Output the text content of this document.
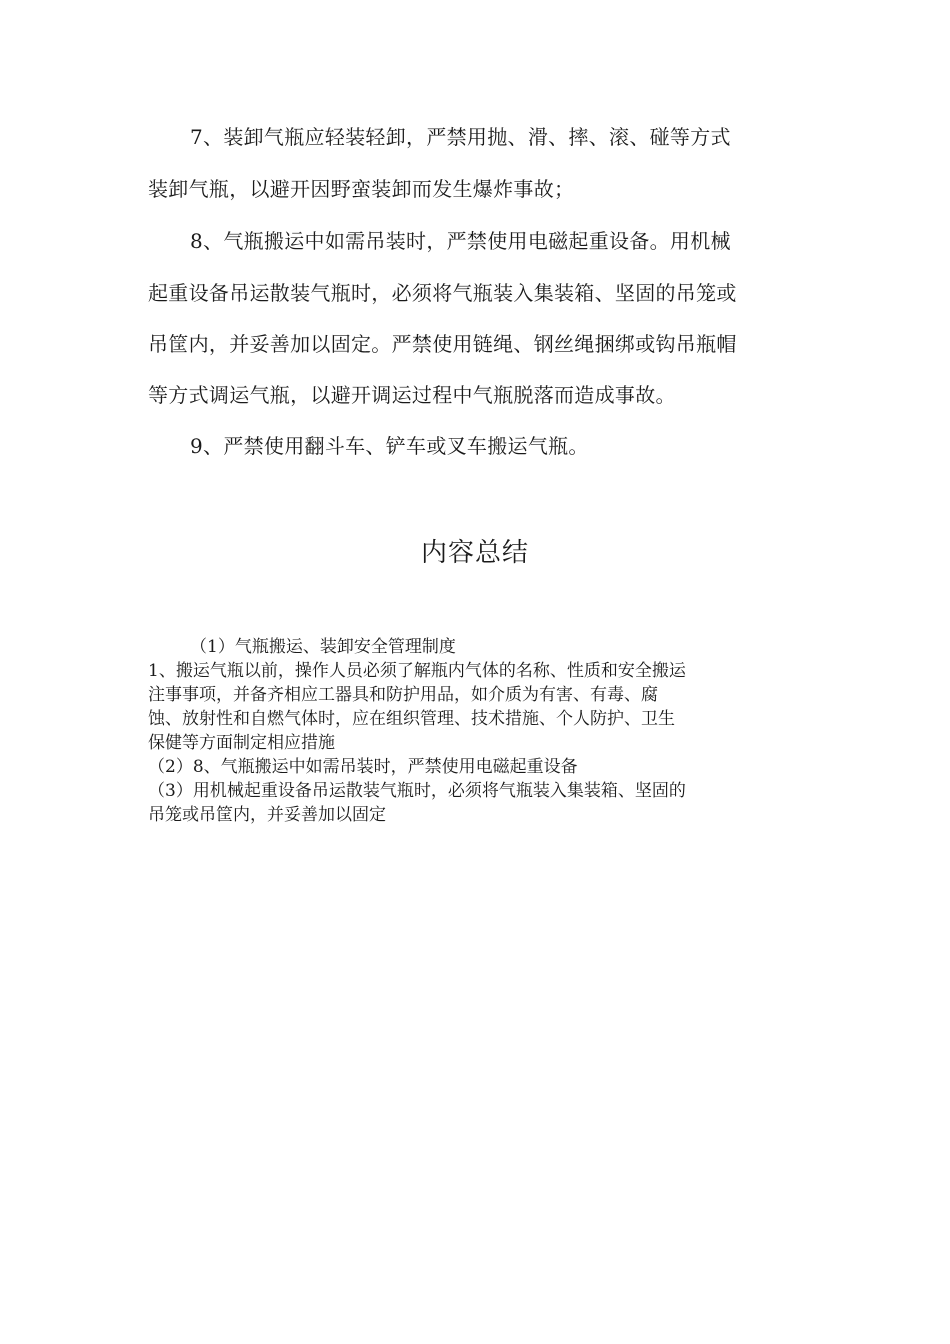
7、装卸气瓶应轻装轻卸，严禁用抛、滑、摔、滚、碰等方式
装卸气瓶，以避开因野蛮装卸而发生爆炸事故；
8、气瓶搬运中如需吊装时，严禁使用电磁起重设备。用机械
起重设备吊运散装气瓶时，必须将气瓶装入集装箱、坚固的吊笼或
吊筐内，并妥善加以固定。严禁使用链绳、钢丝绳捆绑或钩吊瓶帽
等方式调运气瓶，以避开调运过程中气瓶脱落而造成事故。
9、严禁使用翻斗车、铲车或叉车搬运气瓶。
内容总结
（1）气瓶搬运、装卸安全管理制度
1、搬运气瓶以前，操作人员必须了解瓶内气体的名称、性质和安全搬运
注事事项，并备齐相应工器具和防护用品，如介质为有害、有毒、腐
蚀、放射性和自燃气体时，应在组织管理、技术措施、个人防护、卫生
保健等方面制定相应措施
（2）8、气瓶搬运中如需吊装时，严禁使用电磁起重设备
（3）用机械起重设备吊运散装气瓶时，必须将气瓶装入集装箱、坚固的
吊笼或吊筐内，并妥善加以固定
